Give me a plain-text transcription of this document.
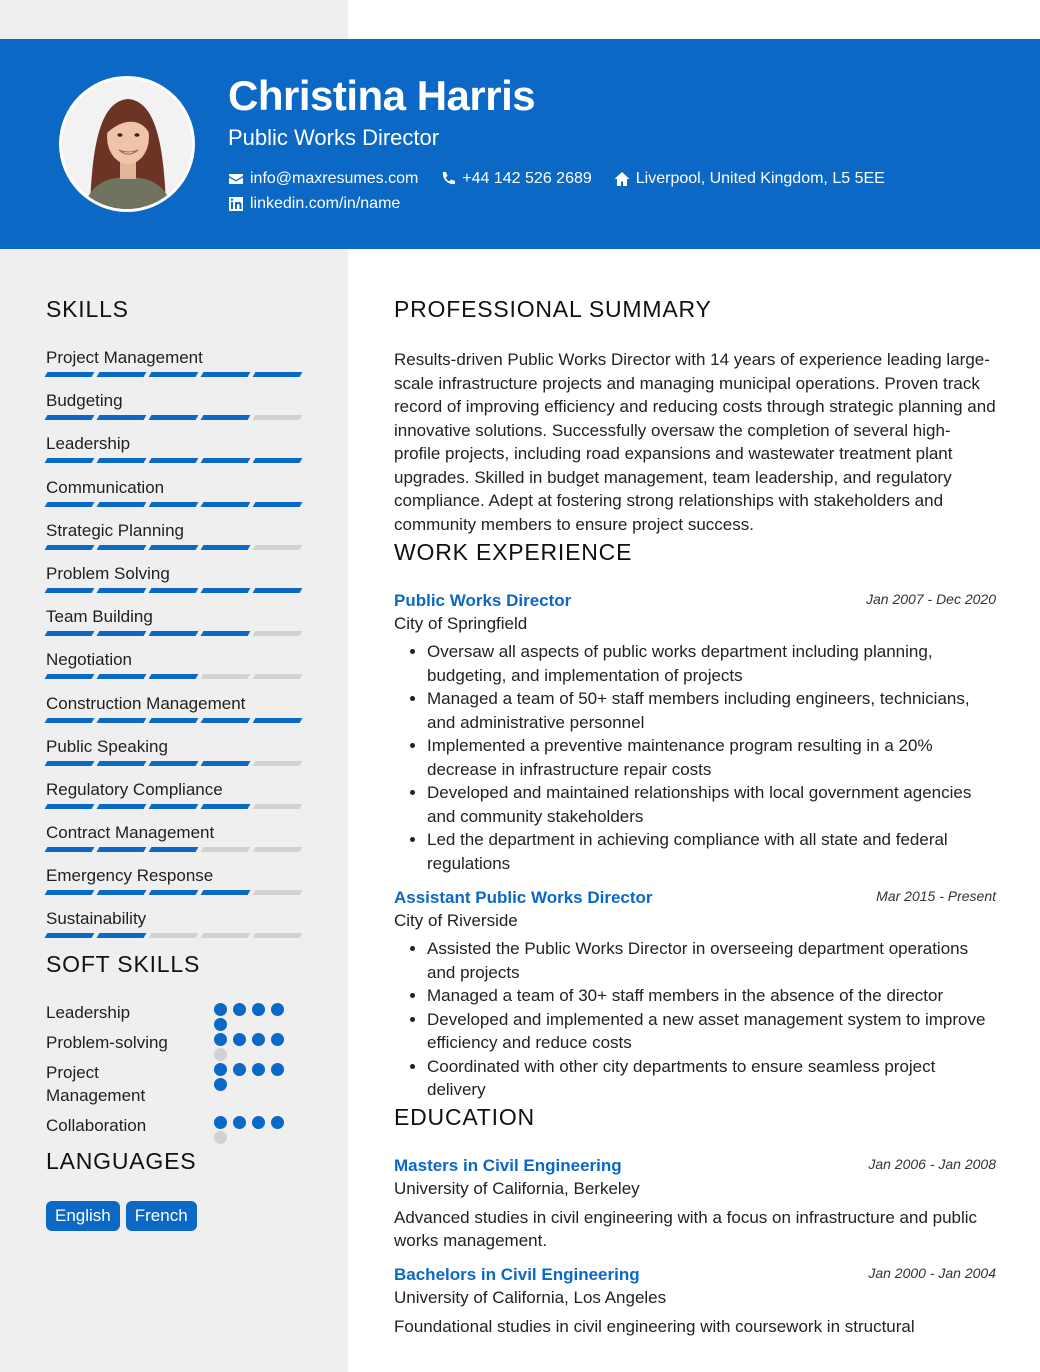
Christina Harris
Public Works Director
info@maxresumes.com	+44 142 526 2689	Liverpool, United Kingdom, L5 5EE
linkedin.com/in/name
SKILLS
Project Management
Budgeting
Leadership
Communication
Strategic Planning
Problem Solving
Team Building
Negotiation
Construction Management
Public Speaking
Regulatory Compliance
Contract Management
Emergency Response
Sustainability
SOFT SKILLS
Leadership
Problem-solving
Project Management
Collaboration
LANGUAGES
English	French
PROFESSIONAL SUMMARY

Results-driven Public Works Director with 14 years of experience leading large-scale infrastructure projects and managing municipal operations. Proven track record of improving efficiency and reducing costs through strategic planning and innovative solutions. Successfully oversaw the completion of several high-profile projects, including road expansions and wastewater treatment plant upgrades. Skilled in budget management, team leadership, and regulatory compliance. Adept at fostering strong relationships with stakeholders and community members to ensure project success.

WORK EXPERIENCE
Public Works Director	Jan 2007 - Dec 2020
City of Springfield
• Oversaw all aspects of public works department including planning, budgeting, and implementation of projects
• Managed a team of 50+ staff members including engineers, technicians, and administrative personnel
• Implemented a preventive maintenance program resulting in a 20% decrease in infrastructure repair costs
• Developed and maintained relationships with local government agencies and community stakeholders
• Led the department in achieving compliance with all state and federal regulations
Assistant Public Works Director	Mar 2015 - Present
City of Riverside
• Assisted the Public Works Director in overseeing department operations and projects
• Managed a team of 30+ staff members in the absence of the director
• Developed and implemented a new asset management system to improve efficiency and reduce costs
• Coordinated with other city departments to ensure seamless project delivery
EDUCATION
Masters in Civil Engineering	Jan 2006 - Jan 2008
University of California, Berkeley
Advanced studies in civil engineering with a focus on infrastructure and public works management.
Bachelors in Civil Engineering	Jan 2000 - Jan 2004
University of California, Los Angeles
Foundational studies in civil engineering with coursework in structural
